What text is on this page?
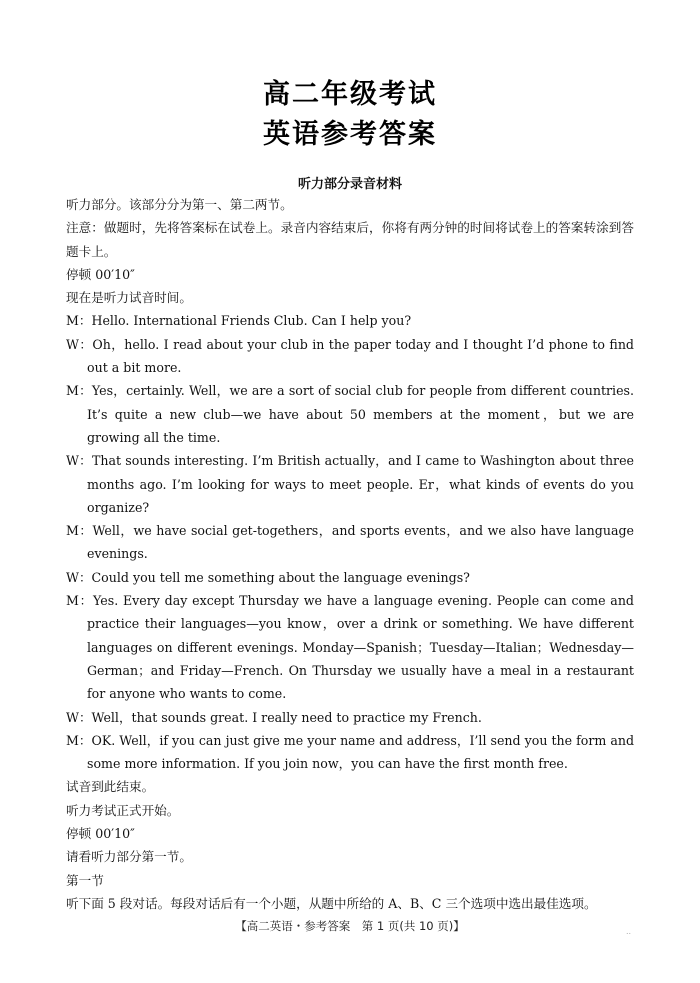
高二年级考试
英语参考答案
听力部分录音材料

听力部分。该部分分为第一、第二两节。

注意：做题时，先将答案标在试卷上。录音内容结束后，你将有两分钟的时间将试卷上的答案转涂到答题卡上。

停顿 00′10″

现在是听力试音时间。

M：Hello. International Friends Club. Can I help you?

W：Oh，hello. I read about your club in the paper today and I thought I’d phone to find out a bit more.

M：Yes，certainly. Well，we are a sort of social club for people from different countries. It’s quite a new club—we have about 50 members at the moment，but we are growing all the time.

W：That sounds interesting. I’m British actually，and I came to Washington about three months ago. I’m looking for ways to meet people. Er，what kinds of events do you organize?

M：Well，we have social get-togethers，and sports events，and we also have language evenings.

W：Could you tell me something about the language evenings?

M：Yes. Every day except Thursday we have a language evening. People can come and practice their languages—you know，over a drink or something. We have different languages on different evenings. Monday—Spanish；Tuesday—Italian；Wednesday—German；and Friday—French. On Thursday we usually have a meal in a restaurant for anyone who wants to come.

W：Well，that sounds great. I really need to practice my French.

M：OK. Well，if you can just give me your name and address，I’ll send you the form and some more information. If you join now，you can have the first month free.

试音到此结束。

听力考试正式开始。

停顿 00′10″

请看听力部分第一节。

第一节

听下面 5 段对话。每段对话后有一个小题，从题中所给的 A、B、C 三个选项中选出最佳选项。

【高二英语・参考答案　第 1 页(共 10 页)】	..
